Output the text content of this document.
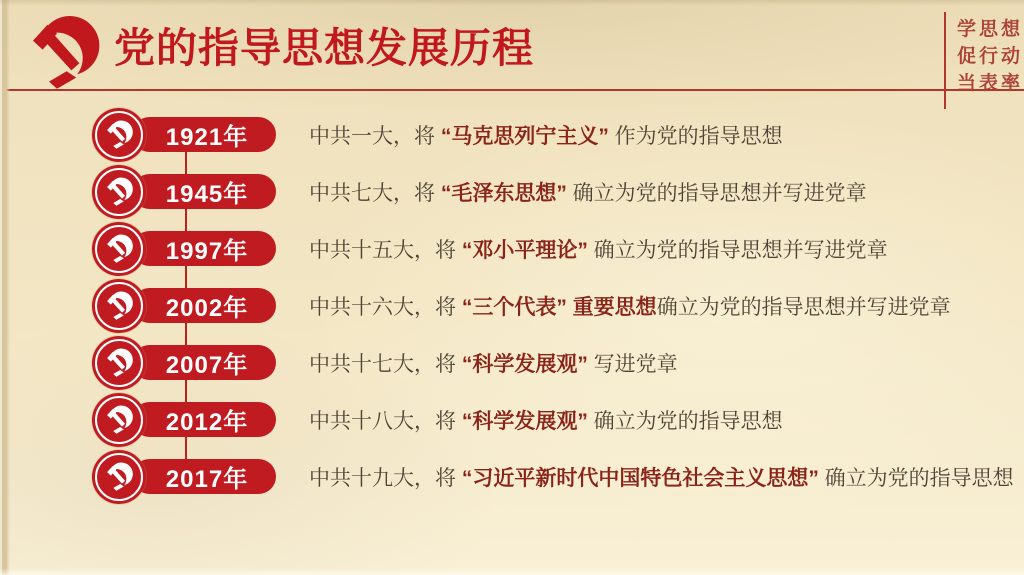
党的指导思想发展历程	学思想
促行动
当表率
1921年	中共一大，将 “马克思列宁主义” 作为党的指导思想
1945年	中共七大，将 “毛泽东思想” 确立为党的指导思想并写进党章
1997年	中共十五大，将 “邓小平理论” 确立为党的指导思想并写进党章
2002年	中共十六大，将 “三个代表” 重要思想确立为党的指导思想并写进党章
2007年	中共十七大，将 “科学发展观” 写进党章
2012年	中共十八大，将 “科学发展观” 确立为党的指导思想
2017年	中共十九大，将 “习近平新时代中国特色社会主义思想” 确立为党的指导思想
